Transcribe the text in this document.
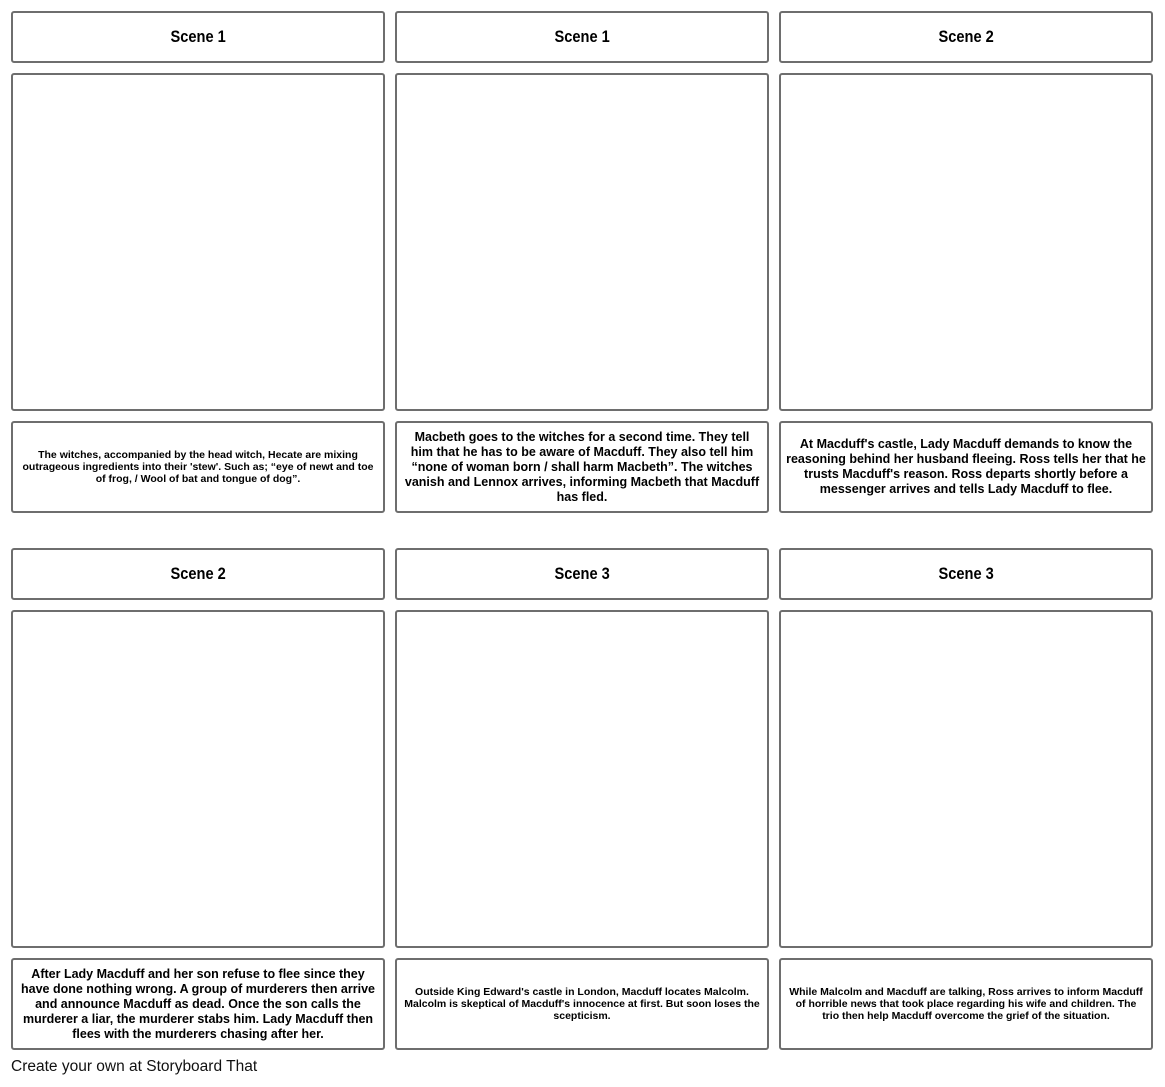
Scene 1
The witches, accompanied by the head witch, Hecate are mixing outrageous ingredients into their 'stew'. Such as; “eye of newt and toe of frog, / Wool of bat and tongue of dog”.
Scene 1
Macbeth goes to the witches for a second time. They tell him that he has to be aware of Macduff. They also tell him “none of woman born / shall harm Macbeth”. The witches vanish and Lennox arrives, informing Macbeth that Macduff has fled.
Scene 2
At Macduff's castle, Lady Macduff demands to know the reasoning behind her husband fleeing. Ross tells her that he trusts Macduff's reason. Ross departs shortly before a messenger arrives and tells Lady Macduff to flee.
Scene 2
After Lady Macduff and her son refuse to flee since they have done nothing wrong. A group of murderers then arrive and announce Macduff as dead. Once the son calls the murderer a liar, the murderer stabs him. Lady Macduff then flees with the murderers chasing after her.
Scene 3
Outside King Edward's castle in London, Macduff locates Malcolm. Malcolm is skeptical of Macduff's innocence at first. But soon loses the scepticism.
Scene 3
While Malcolm and Macduff are talking, Ross arrives to inform Macduff of horrible news that took place regarding his wife and children. The trio then help Macduff overcome the grief of the situation.
Create your own at Storyboard That
